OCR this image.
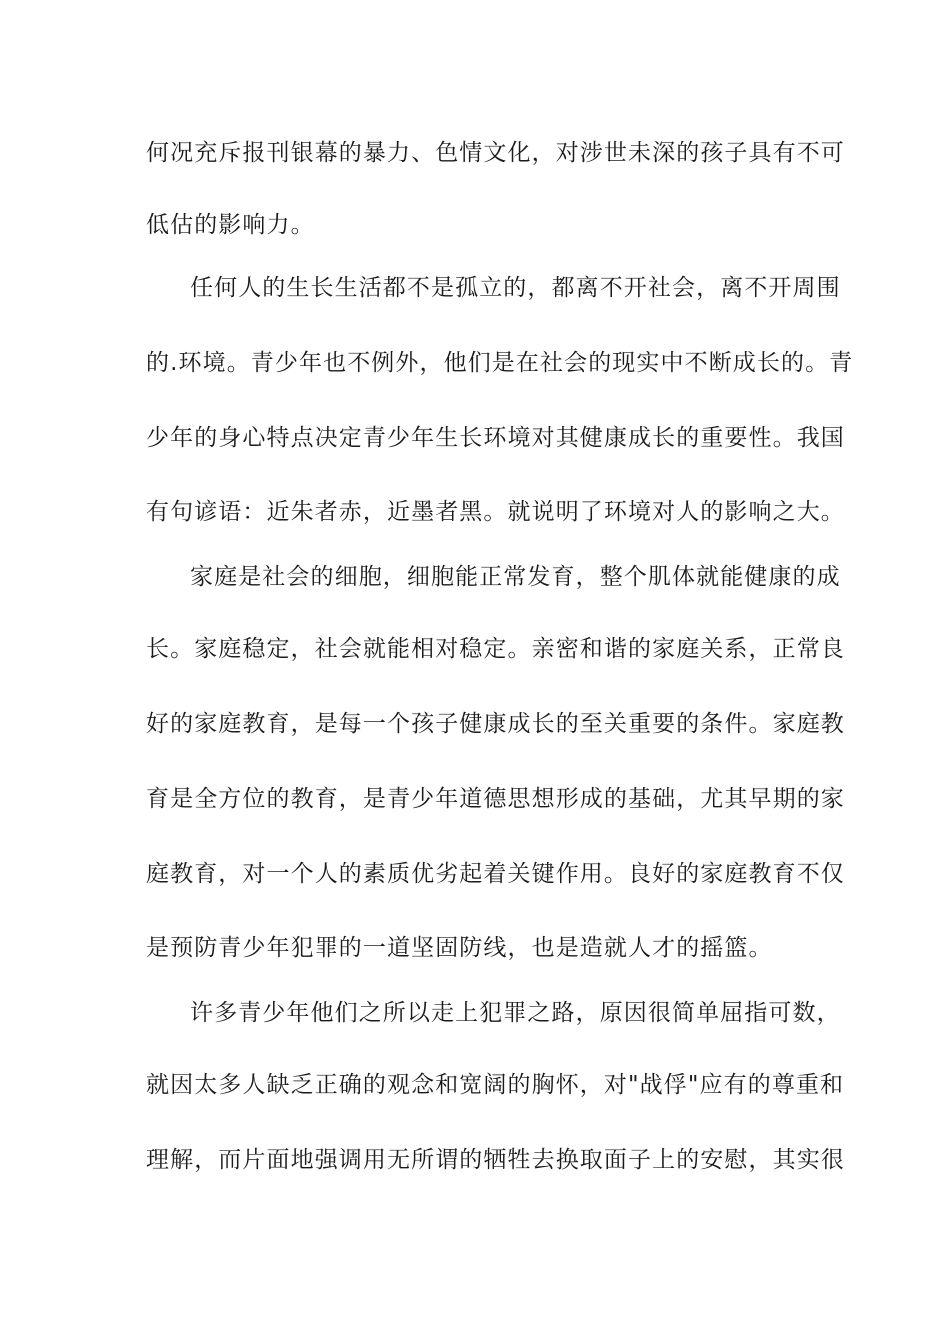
何况充斥报刊银幕的暴力、色情文化，对涉世未深的孩子具有不可
低估的影响力。
任何人的生长生活都不是孤立的，都离不开社会，离不开周围
的.环境。青少年也不例外，他们是在社会的现实中不断成长的。青
少年的身心特点决定青少年生长环境对其健康成长的重要性。我国
有句谚语：近朱者赤，近墨者黑。就说明了环境对人的影响之大。
家庭是社会的细胞，细胞能正常发育，整个肌体就能健康的成
长。家庭稳定，社会就能相对稳定。亲密和谐的家庭关系，正常良
好的家庭教育，是每一个孩子健康成长的至关重要的条件。家庭教
育是全方位的教育，是青少年道德思想形成的基础，尤其早期的家
庭教育，对一个人的素质优劣起着关键作用。良好的家庭教育不仅
是预防青少年犯罪的一道坚固防线，也是造就人才的摇篮。
许多青少年他们之所以走上犯罪之路，原因很简单屈指可数，
就因太多人缺乏正确的观念和宽阔的胸怀，对"战俘"应有的尊重和
理解，而片面地强调用无所谓的牺牲去换取面子上的安慰，其实很
